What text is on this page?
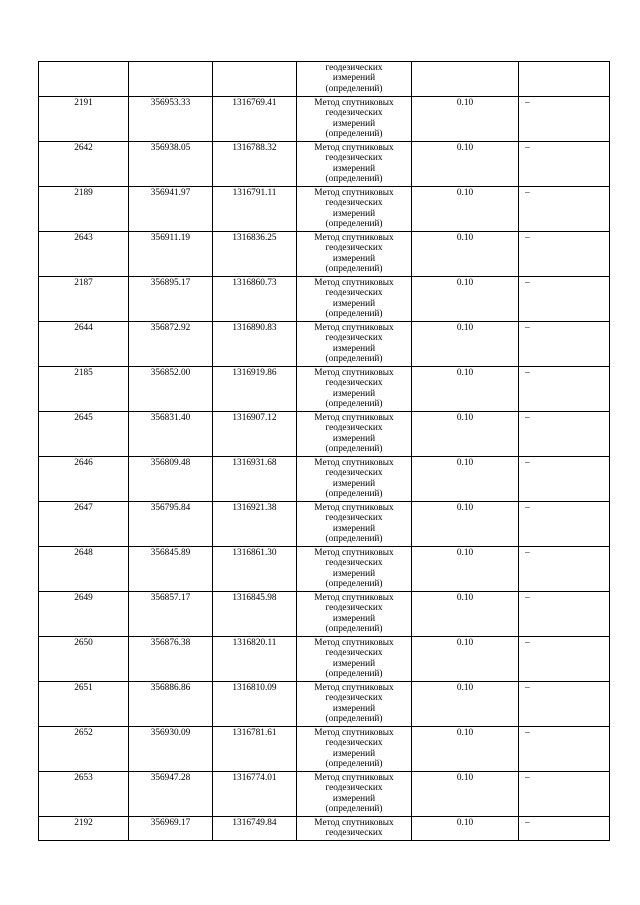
			геодезических
измерений
(определений)		

2191	356953.33	1316769.41	Метод спутниковых
геодезических
измерений
(определений)	0.10	–
2642	356938.05	1316788.32	Метод спутниковых
геодезических
измерений
(определений)	0.10	–
2189	356941.97	1316791.11	Метод спутниковых
геодезических
измерений
(определений)	0.10	–
2643	356911.19	1316836.25	Метод спутниковых
геодезических
измерений
(определений)	0.10	–
2187	356895.17	1316860.73	Метод спутниковых
геодезических
измерений
(определений)	0.10	–
2644	356872.92	1316890.83	Метод спутниковых
геодезических
измерений
(определений)	0.10	–
2185	356852.00	1316919.86	Метод спутниковых
геодезических
измерений
(определений)	0.10	–
2645	356831.40	1316907.12	Метод спутниковых
геодезических
измерений
(определений)	0.10	–
2646	356809.48	1316931.68	Метод спутниковых
геодезических
измерений
(определений)	0.10	–
2647	356795.84	1316921.38	Метод спутниковых
геодезических
измерений
(определений)	0.10	–
2648	356845.89	1316861.30	Метод спутниковых
геодезических
измерений
(определений)	0.10	–
2649	356857.17	1316845.98	Метод спутниковых
геодезических
измерений
(определений)	0.10	–
2650	356876.38	1316820.11	Метод спутниковых
геодезических
измерений
(определений)	0.10	–
2651	356886.86	1316810.09	Метод спутниковых
геодезических
измерений
(определений)	0.10	–
2652	356930.09	1316781.61	Метод спутниковых
геодезических
измерений
(определений)	0.10	–
2653	356947.28	1316774.01	Метод спутниковых
геодезических
измерений
(определений)	0.10	–
2192	356969.17	1316749.84	Метод спутниковых
геодезических	0.10	–
